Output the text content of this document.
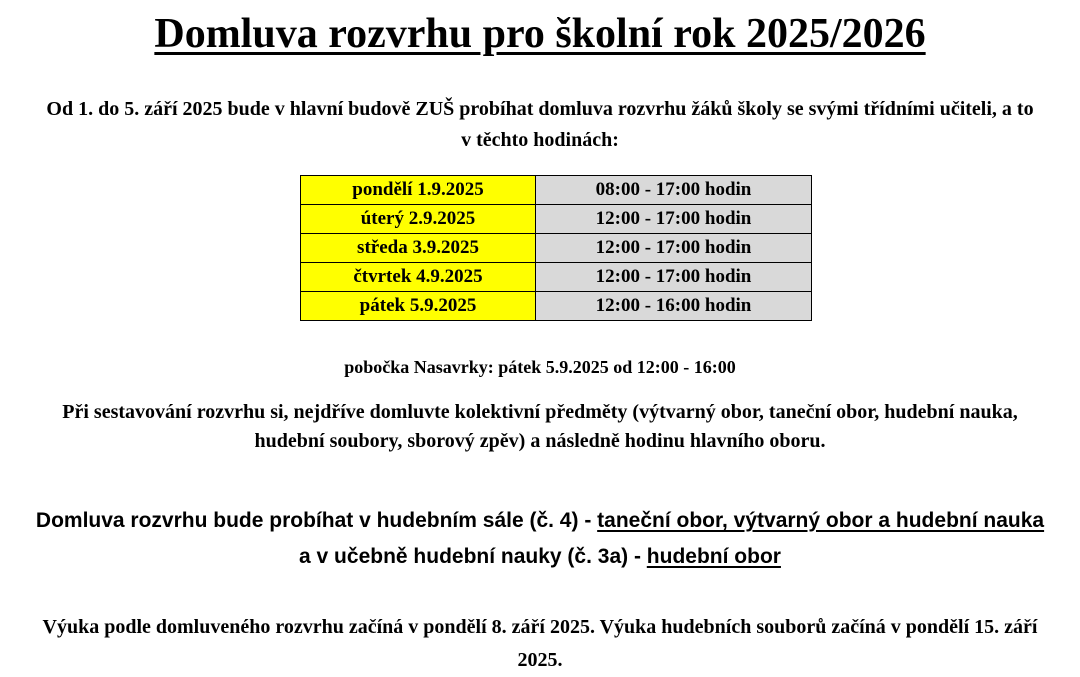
Domluva rozvrhu pro školní rok 2025/2026

Od 1. do 5. září 2025 bude v hlavní budově ZUŠ probíhat domluva rozvrhu žáků školy se svými třídními učiteli, a to v těchto hodinách:

pondělí 1.9.2025	08:00 - 17:00 hodin
úterý 2.9.2025	12:00 - 17:00 hodin
středa 3.9.2025	12:00 - 17:00 hodin
čtvrtek 4.9.2025	12:00 - 17:00 hodin
pátek 5.9.2025	12:00 - 16:00 hodin

pobočka Nasavrky: pátek 5.9.2025 od 12:00 - 16:00

Při sestavování rozvrhu si, nejdříve domluvte kolektivní předměty (výtvarný obor, taneční obor, hudební nauka, hudební soubory, sborový zpěv) a následně hodinu hlavního oboru.

Domluva rozvrhu bude probíhat v hudebním sále (č. 4) - taneční obor, výtvarný obor a hudební nauka a v učebně hudební nauky (č. 3a) - hudební obor

Výuka podle domluveného rozvrhu začíná v pondělí 8. září 2025. Výuka hudebních souborů začíná v pondělí 15. září 2025.
